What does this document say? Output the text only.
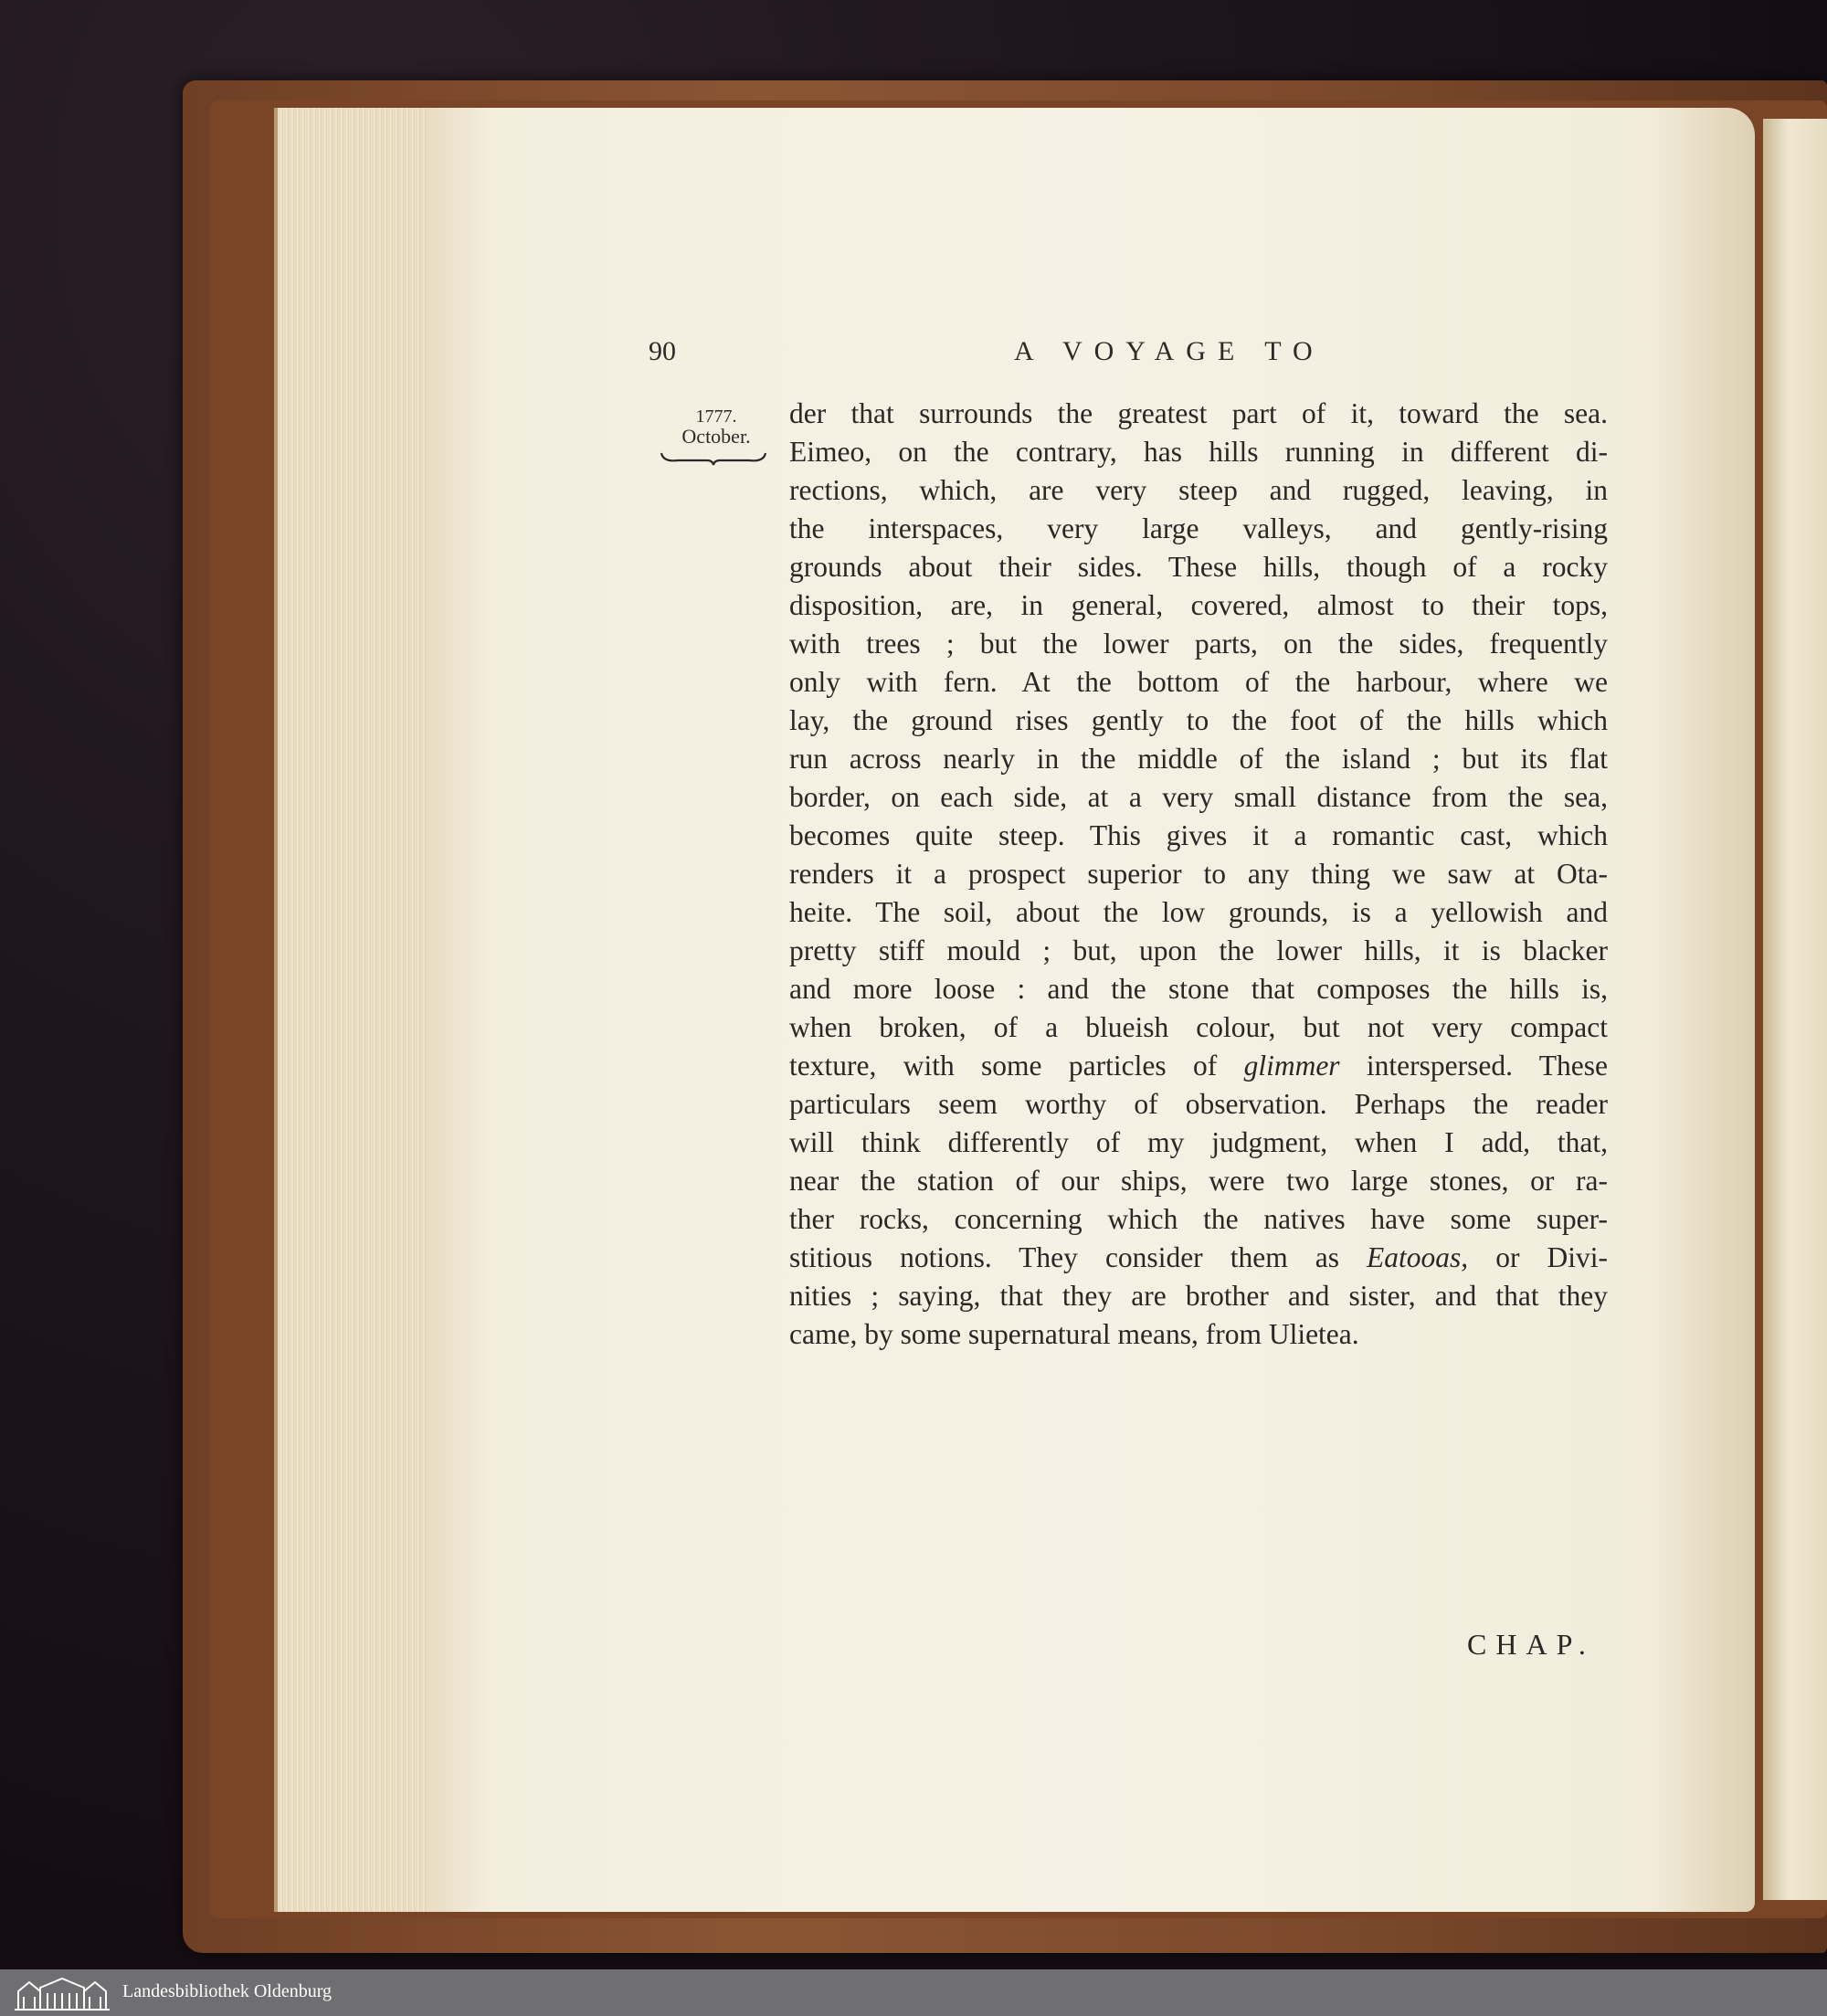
90	A VOYAGE TO
1777.
October.
der that surrounds the greatest part of it, toward the sea.
Eimeo, on the contrary, has hills running in different di-
rections, which, are very steep and rugged, leaving, in
the interspaces, very large valleys, and gently-rising
grounds about their sides. These hills, though of a rocky
disposition, are, in general, covered, almost to their tops,
with trees ; but the lower parts, on the sides, frequently
only with fern. At the bottom of the harbour, where we
lay, the ground rises gently to the foot of the hills which
run across nearly in the middle of the island ; but its flat
border, on each side, at a very small distance from the sea,
becomes quite steep. This gives it a romantic cast, which
renders it a prospect superior to any thing we saw at Ota-
heite. The soil, about the low grounds, is a yellowish and
pretty stiff mould ; but, upon the lower hills, it is blacker
and more loose : and the stone that composes the hills is,
when broken, of a blueish colour, but not very compact
texture, with some particles of glimmer interspersed. These
particulars seem worthy of observation. Perhaps the reader
will think differently of my judgment, when I add, that,
near the station of our ships, were two large stones, or ra-
ther rocks, concerning which the natives have some super-
stitious notions. They consider them as Eatooas, or Divi-
nities ; saying, that they are brother and sister, and that they
came, by some supernatural means, from Ulietea.
CHAP.
Landesbibliothek Oldenburg
